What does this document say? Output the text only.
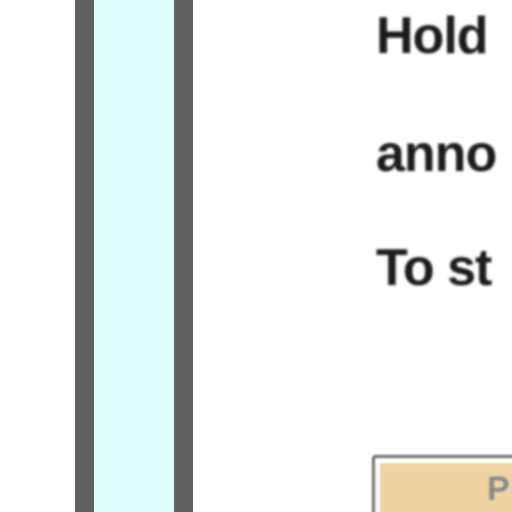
Hold
anno
To st
P
